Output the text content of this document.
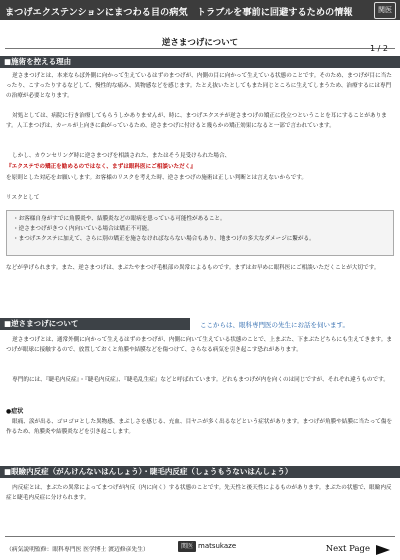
まつげエクステンションにまつわる目の病気　トラブルを事前に回避するための情報	関医
逆さまつげについて
1 / 2
■施術を控える理由
逆さまつげとは、本来ならば外側に向かって生えているはずのまつげが、内側の目に向かって生えている状態のことです。そのため、まつげが目に当たったり、こすったりするなどして、慢性的な痛み、異物感などを感じます。たとえ抜いたとしてもまた同じところに生えてしまうため、治療するには専門の治療が必要となります。
対処としては、病院に行き治療してもらうしかありませんが、時に、まつげエクステが逆さまつげの矯正に役立つということを耳にすることがあります。人工まつげは、カールが上向きに曲がっているため、逆さまつげに付けると幾らかの矯正効果になると一部で言われています。
しかし、カウンセリング時に逆さまつげを相談された、またはそう見受けられた場合、
『エクステでの矯正を勧めるのではなく、まずは眼科医にご相談いただく』
を原則とした対応をお願いします。お客様のリスクを考えた時、逆さまつげの施術は正しい判断とは言えないからです。
リスクとして
・お客様自身がすでに角膜炎や、結膜炎などの眼病を患っている可能性があること。
・逆さまつげがきつく内向いている場合は矯正不可能。
・まつげエクステに加えて、さらに別の矯正を施さなければならない場合もあり、地まつげの多大なダメージに繋がる。
などが挙げられます。また、逆さまつげは、まぶたやまつげ毛根部の異常によるものです。まずはお早めに眼科医にご相談いただくことが大切です。
■逆さまつげについて	ここからは、眼科専門医の先生にお話を伺います。
逆さまつげとは、通常外側に向かって生えるはずのまつげが、内側に向いて生えている状態のことで、上まぶた、下まぶたどちらにも生えてきます。まつげが眼球に接触するので、放置しておくと角膜や結膜などを傷つけて、さらなる病気を引き起こす恐れがあります。
専門的には、『睫毛内反症』・『睫毛内反症』、『睫毛乱生症』などと呼ばれています。どれもまつげが内を向くのは同じですが、それぞれ違うものです。
●症状
眼痛、涙が出る、ゴロゴロとした異物感、まぶしさを感じる、充血、目ヤニが多く出るなどという症状があります。まつげが角膜や結膜に当たって傷を作るため、角膜炎や結膜炎などを引き起こします。
■眼瞼内反症（がんけんないはんしょう）・睫毛内反症（しょうもうないはんしょう）
内反症とは、まぶたの異常によってまつげが内反（内に向く）する状態のことです。先天性と後天性によるものがあります。まぶたの状態で、眼瞼内反症と睫毛内反症に分けられます。
（病気説明監修：眼科専門医 医学博士 渡辺修彦先生）	関医 matsukaze	Next Page
